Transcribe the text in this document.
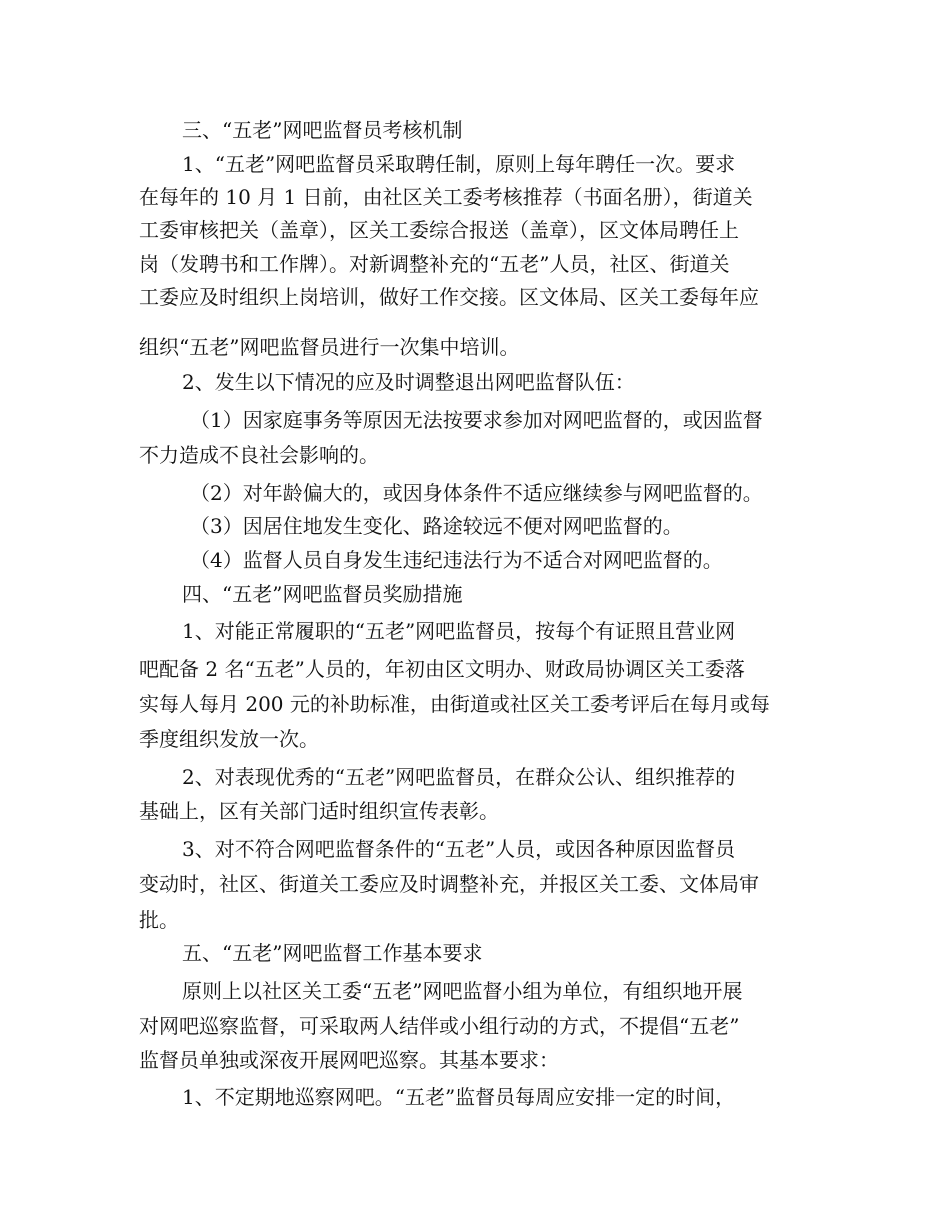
三、“五老”网吧监督员考核机制
1、“五老”网吧监督员采取聘任制，原则上每年聘任一次。要求
在每年的 10 月 1 日前，由社区关工委考核推荐（书面名册），街道关
工委审核把关（盖章），区关工委综合报送（盖章），区文体局聘任上
岗（发聘书和工作牌）。对新调整补充的“五老”人员，社区、街道关
工委应及时组织上岗培训，做好工作交接。区文体局、区关工委每年应
组织“五老”网吧监督员进行一次集中培训。
2、发生以下情况的应及时调整退出网吧监督队伍：
（1）因家庭事务等原因无法按要求参加对网吧监督的，或因监督
不力造成不良社会影响的。
（2）对年龄偏大的，或因身体条件不适应继续参与网吧监督的。
（3）因居住地发生变化、路途较远不便对网吧监督的。
（4）监督人员自身发生违纪违法行为不适合对网吧监督的。
四、“五老”网吧监督员奖励措施
1、对能正常履职的“五老”网吧监督员，按每个有证照且营业网
吧配备 2 名“五老”人员的，年初由区文明办、财政局协调区关工委落
实每人每月 200 元的补助标准，由街道或社区关工委考评后在每月或每
季度组织发放一次。
2、对表现优秀的“五老”网吧监督员，在群众公认、组织推荐的
基础上，区有关部门适时组织宣传表彰。
3、对不符合网吧监督条件的“五老”人员，或因各种原因监督员
变动时，社区、街道关工委应及时调整补充，并报区关工委、文体局审
批。
五、“五老”网吧监督工作基本要求
原则上以社区关工委“五老”网吧监督小组为单位，有组织地开展
对网吧巡察监督，可采取两人结伴或小组行动的方式，不提倡“五老”
监督员单独或深夜开展网吧巡察。其基本要求：
1、不定期地巡察网吧。“五老”监督员每周应安排一定的时间，
